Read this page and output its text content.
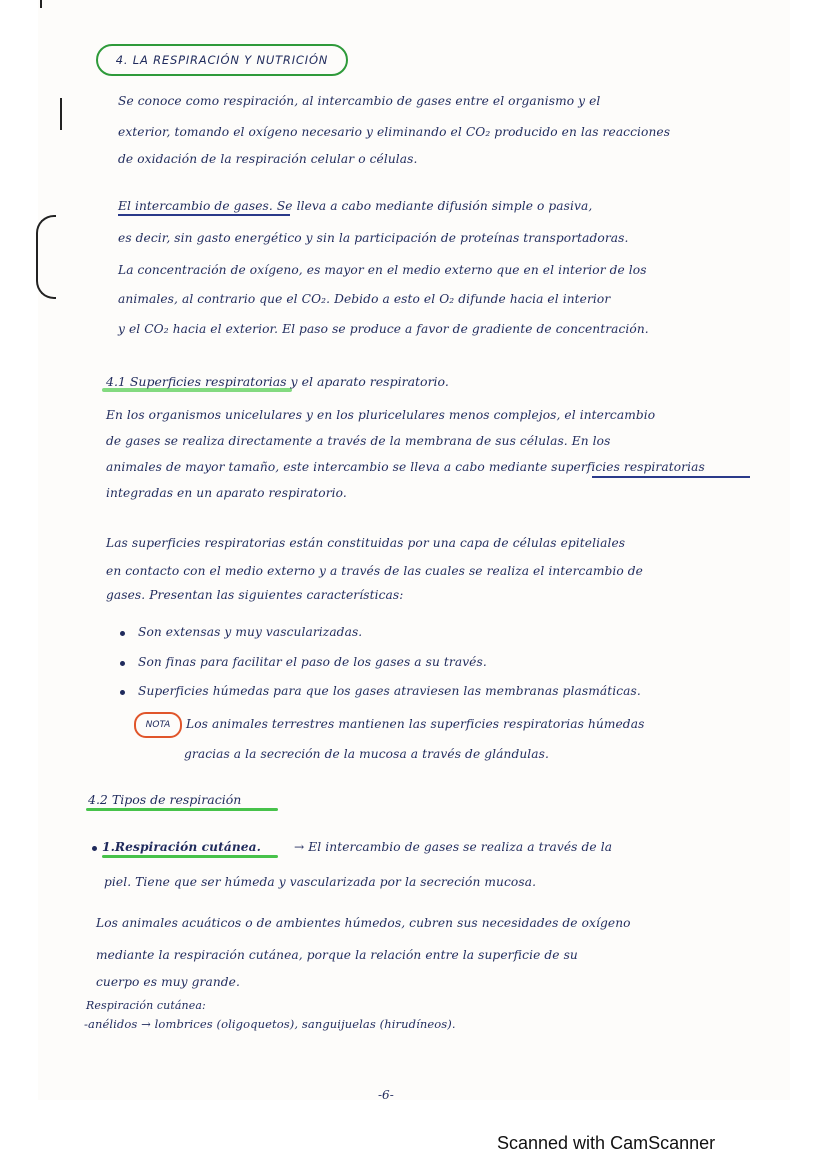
4. LA RESPIRACIÓN Y NUTRICIÓN
Se conoce como respiración, al intercambio de gases entre el organismo y el
exterior, tomando el oxígeno necesario y eliminando el CO₂ producido en las reacciones
de oxidación de la respiración celular o células.
El intercambio de gases. Se lleva a cabo mediante difusión simple o pasiva,
es decir, sin gasto energético y sin la participación de proteínas transportadoras.
La concentración de oxígeno, es mayor en el medio externo que en el interior de los
animales, al contrario que el CO₂. Debido a esto el O₂ difunde hacia el interior
y el CO₂ hacia el exterior. El paso se produce a favor de gradiente de concentración.
4.1 Superficies respiratorias y el aparato respiratorio.
En los organismos unicelulares y en los pluricelulares menos complejos, el intercambio
de gases se realiza directamente a través de la membrana de sus células. En los
animales de mayor tamaño, este intercambio se lleva a cabo mediante superficies respiratorias
integradas en un aparato respiratorio.
Las superficies respiratorias están constituidas por una capa de células epiteliales
en contacto con el medio externo y a través de las cuales se realiza el intercambio de
gases. Presentan las siguientes características:
Son extensas y muy vascularizadas.
Son finas para facilitar el paso de los gases a su través.
Superficies húmedas para que los gases atraviesen las membranas plasmáticas.
NOTA	Los animales terrestres mantienen las superficies respiratorias húmedas
gracias a la secreción de la mucosa a través de glándulas.
4.2 Tipos de respiración
1.Respiración cutánea.	→ El intercambio de gases se realiza a través de la
piel. Tiene que ser húmeda y vascularizada por la secreción mucosa.
Los animales acuáticos o de ambientes húmedos, cubren sus necesidades de oxígeno
mediante la respiración cutánea, porque la relación entre la superficie de su
cuerpo es muy grande.
Respiración cutánea:
-anélidos → lombrices (oligoquetos), sanguijuelas (hirudíneos).
-6-
Scanned with CamScanner
